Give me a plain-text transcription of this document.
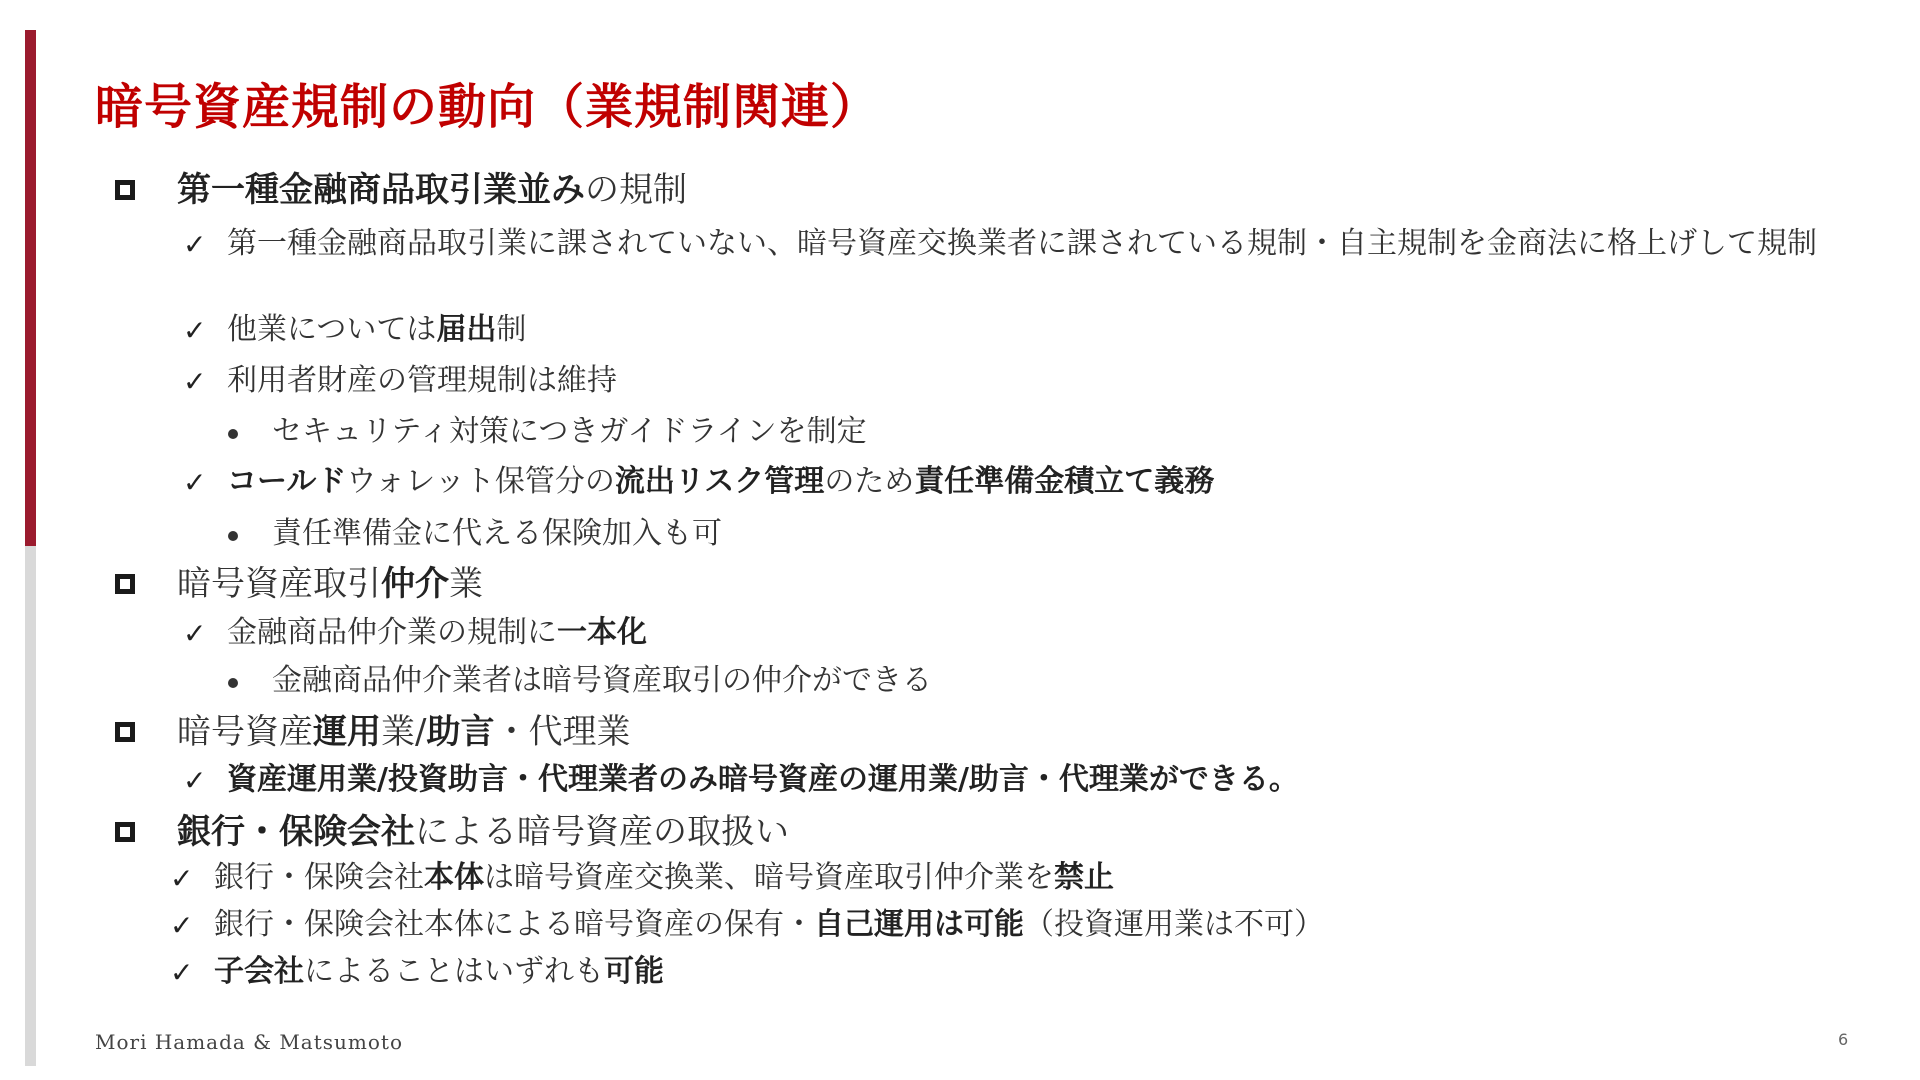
暗号資産規制の動向（業規制関連）
第一種金融商品取引業並みの規制
✓ 第一種金融商品取引業に課されていない、暗号資産交換業者に課されている規制・自主規制を金商法に格上げして規制
✓ 他業については届出制
✓ 利用者財産の管理規制は維持
セキュリティ対策につきガイドラインを制定
✓ コールドウォレット保管分の流出リスク管理のため責任準備金積立て義務
責任準備金に代える保険加入も可
暗号資産取引仲介業
✓ 金融商品仲介業の規制に一本化
金融商品仲介業者は暗号資産取引の仲介ができる
暗号資産運用業/助言・代理業
✓ 資産運用業/投資助言・代理業者のみ暗号資産の運用業/助言・代理業ができる。
銀行・保険会社による暗号資産の取扱い
✓ 銀行・保険会社本体は暗号資産交換業、暗号資産取引仲介業を禁止
✓ 銀行・保険会社本体による暗号資産の保有・自己運用は可能（投資運用業は不可）
✓ 子会社によることはいずれも可能
Mori Hamada & Matsumoto	6
